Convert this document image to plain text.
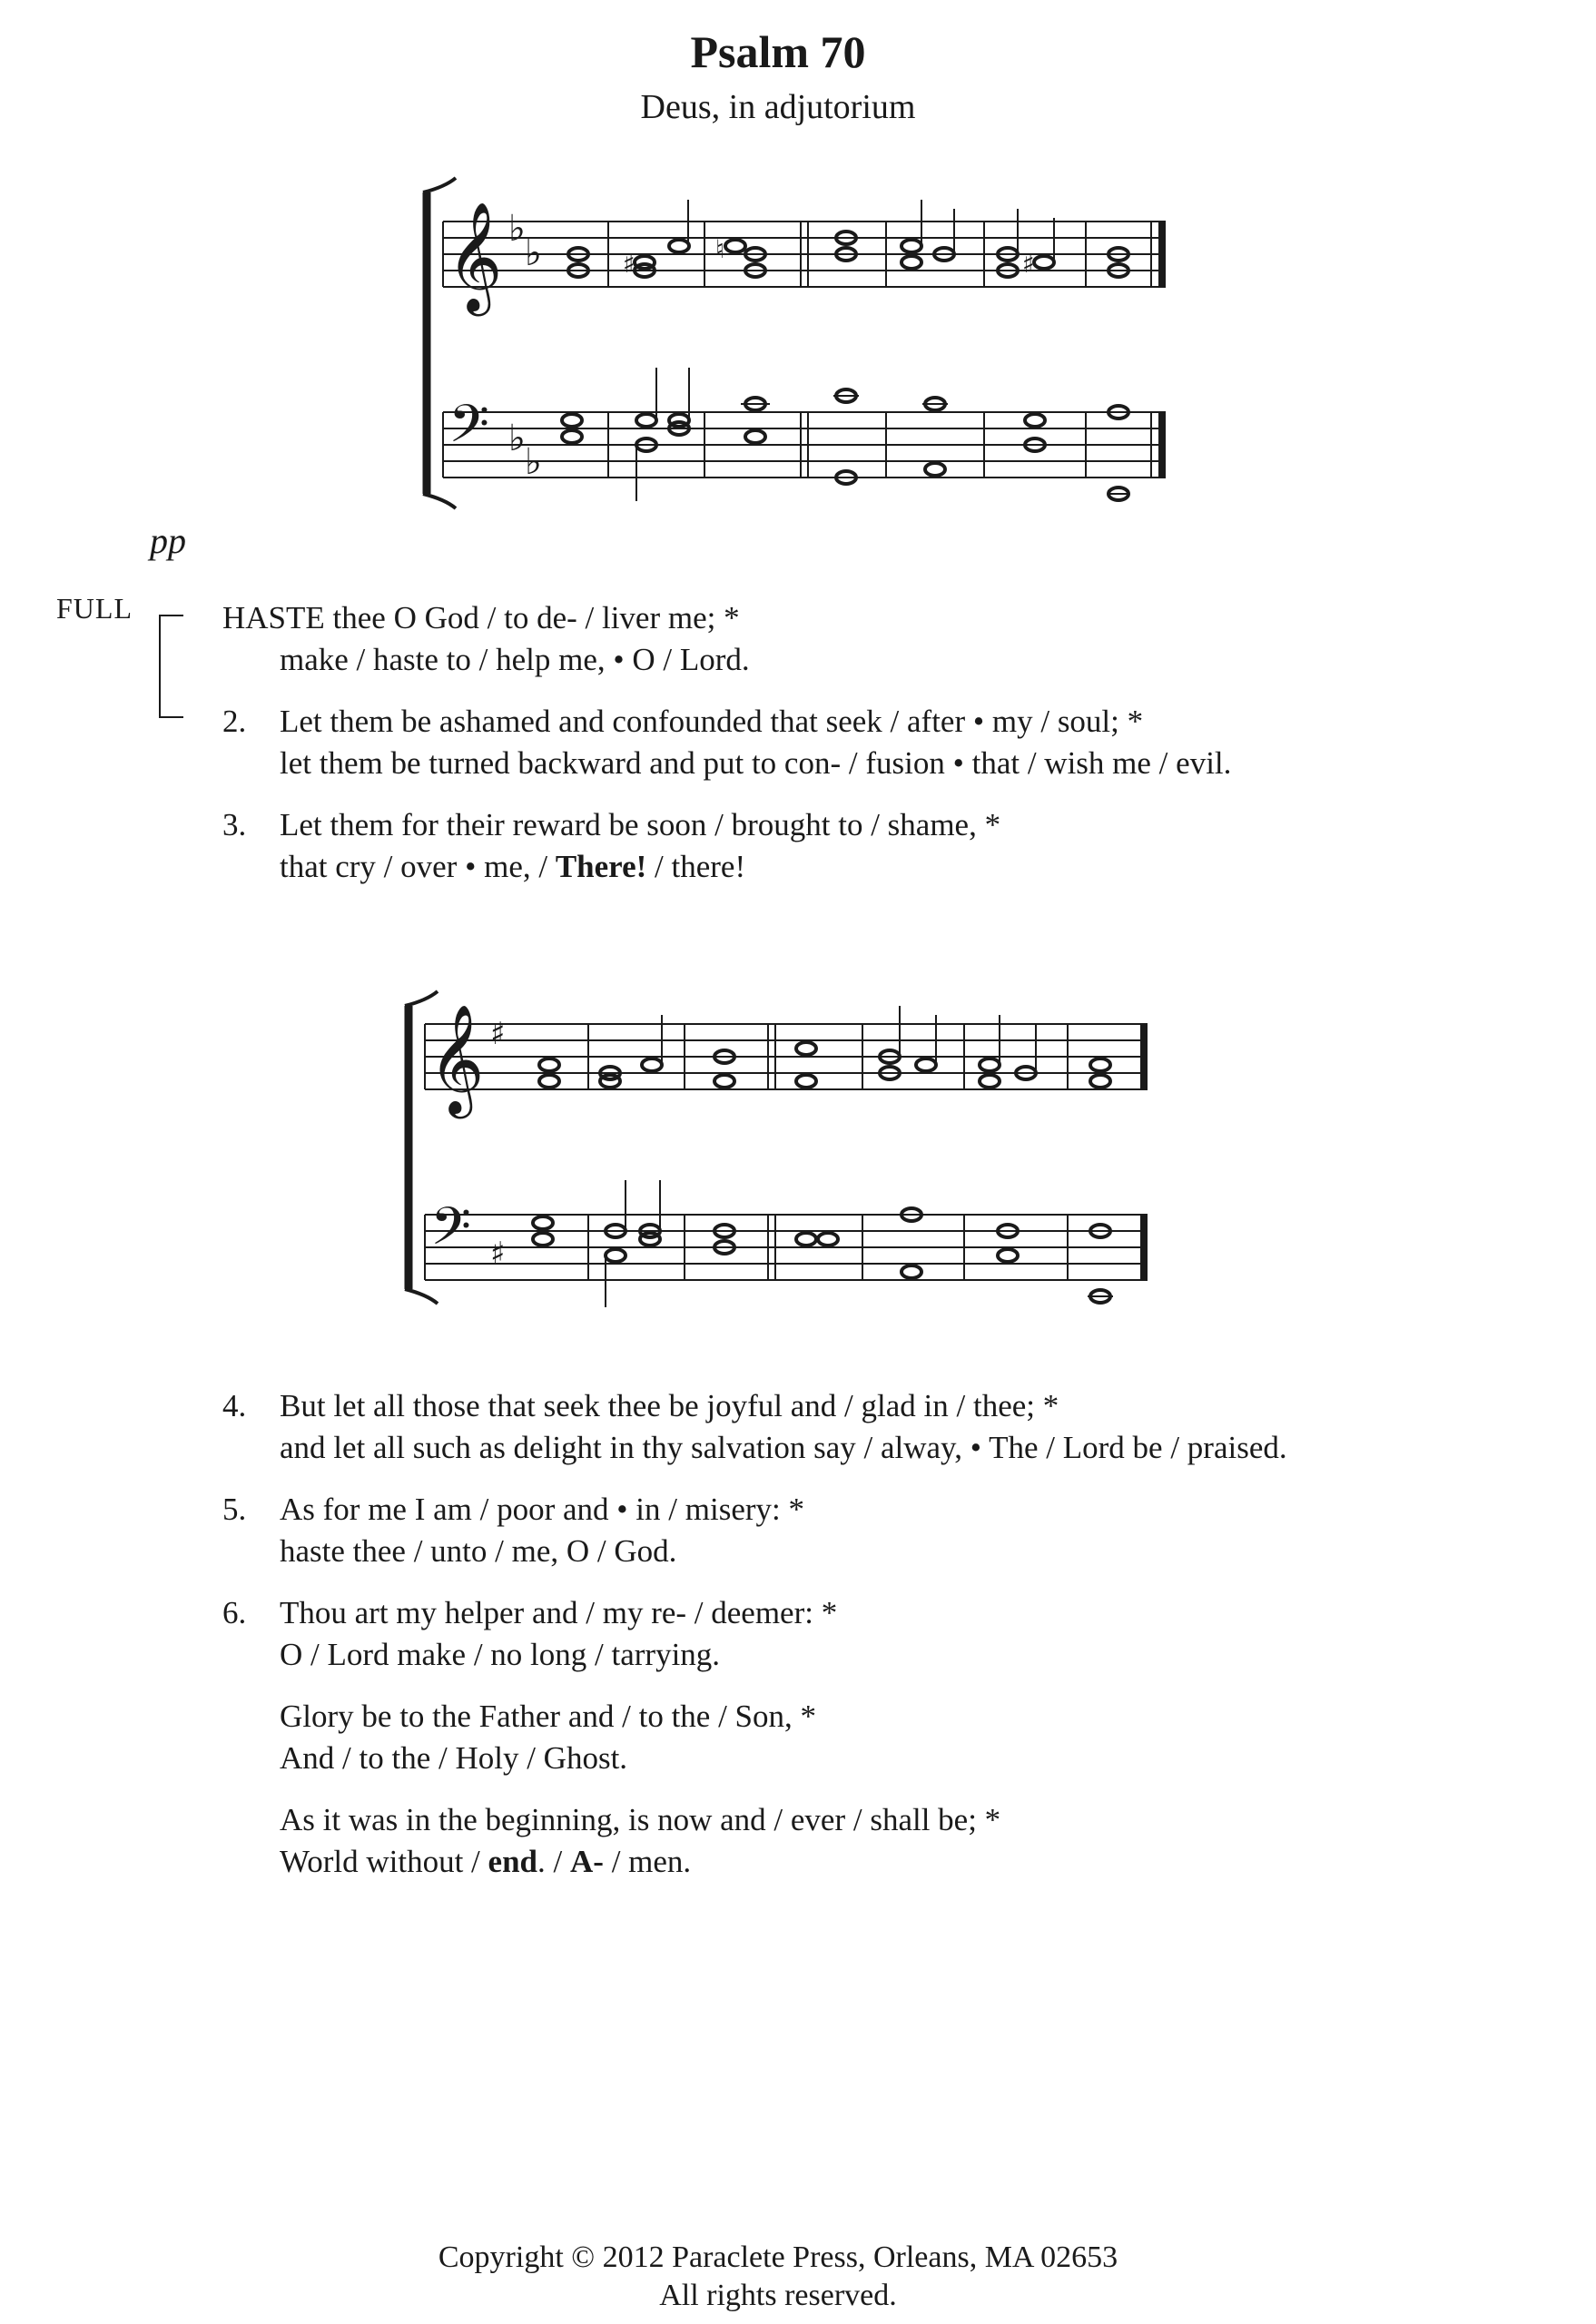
Psalm 70
Deus, in adjutorium
𝄞 ♭
♭
𝄢 ♭
♭
♯	♮	♯
pp
FULL	HASTE thee O God / to de- / liver me; *
make / haste to / help me, • O / Lord.
2. Let them be ashamed and confounded that seek / after • my / soul; *
let them be turned backward and put to con- / fusion • that / wish me / evil.
3. Let them for their reward be soon / brought to / shame, *
that cry / over • me, / There! / there!
𝄞 ♯
𝄢 ♯
4. But let all those that seek thee be joyful and / glad in / thee; *
and let all such as delight in thy salvation say / alway, • The / Lord be / praised.
5. As for me I am / poor and • in / misery: *
haste thee / unto / me, O / God.
6. Thou art my helper and / my re- / deemer: *
O / Lord make / no long / tarrying.
Glory be to the Father and / to the / Son, *
And / to the / Holy / Ghost.
As it was in the beginning, is now and / ever / shall be; *
World without / end. / A- / men.
Copyright © 2012 Paraclete Press, Orleans, MA 02653
All rights reserved.
